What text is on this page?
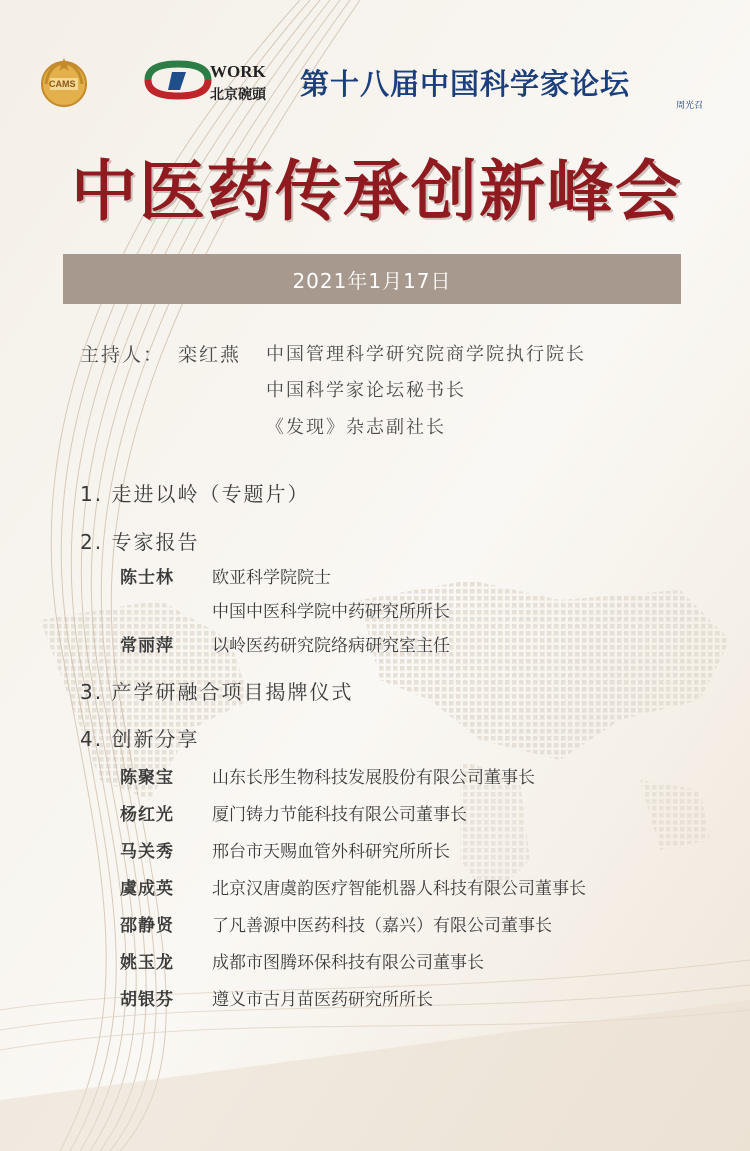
CAMS
WORK
北京碗頭 第十八届中国科学家论坛
周光召
中医药传承创新峰会
2021年1月17日
主持人： 栾红燕 中国管理科学研究院商学院执行院长
中国科学家论坛秘书长
《发现》杂志副社长
1. 走进以岭（专题片）
2. 专家报告
陈士林 欧亚科学院院士
中国中医科学院中药研究所所长
常丽萍 以岭医药研究院络病研究室主任
3. 产学研融合项目揭牌仪式
4. 创新分享
陈聚宝 山东长彤生物科技发展股份有限公司董事长
杨红光 厦门铸力节能科技有限公司董事长
马关秀 邢台市天赐血管外科研究所所长
虞成英 北京汉唐虞韵医疗智能机器人科技有限公司董事长
邵静贤 了凡善源中医药科技（嘉兴）有限公司董事长
姚玉龙 成都市图腾环保科技有限公司董事长
胡银芬 遵义市古月苗医药研究所所长
